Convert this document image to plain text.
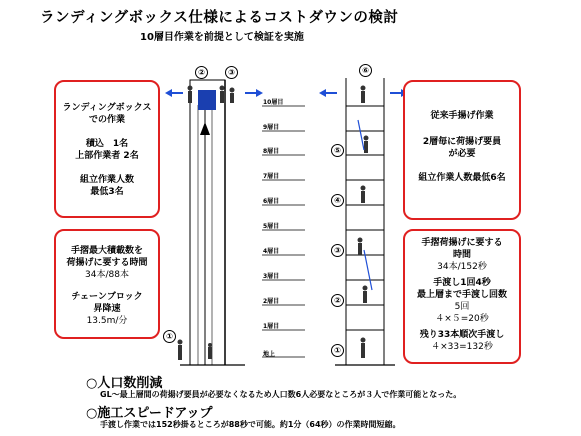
ランディングボックス仕様によるコストダウンの検討
10層目作業を前提として検証を実施
10層目
9層目
8層目
7層目
6層目
5層目
4層目
3層目
2層目
1層目
地上
②	③
①
⑥
⑤
④
③
②
①

ランディングボックス での作業

積込　1名

上部作業者 2名

組立作業人数

最低3名

手摺最大積載数を

荷揚げに要する時間

34本/88本

チェーンブロック

昇降速

13.5m/分

従来手揚げ作業

2層毎に荷揚げ要員

が必要

組立作業人数最低6名

手摺荷揚げに要する

時間

34本/152秒

手渡し1回4秒

最上層まで手渡し回数

5回

４×５=20秒

残り33本順次手渡し

４×33=132秒

○人口数削減
GL～最上層間の荷揚げ要員が必要なくなるため人口数6人必要なところが３人で作業可能となった。
○施工スピードアップ
手渡し作業では152秒掛るところが88秒で可能。約1分（64秒）の作業時間短縮。
